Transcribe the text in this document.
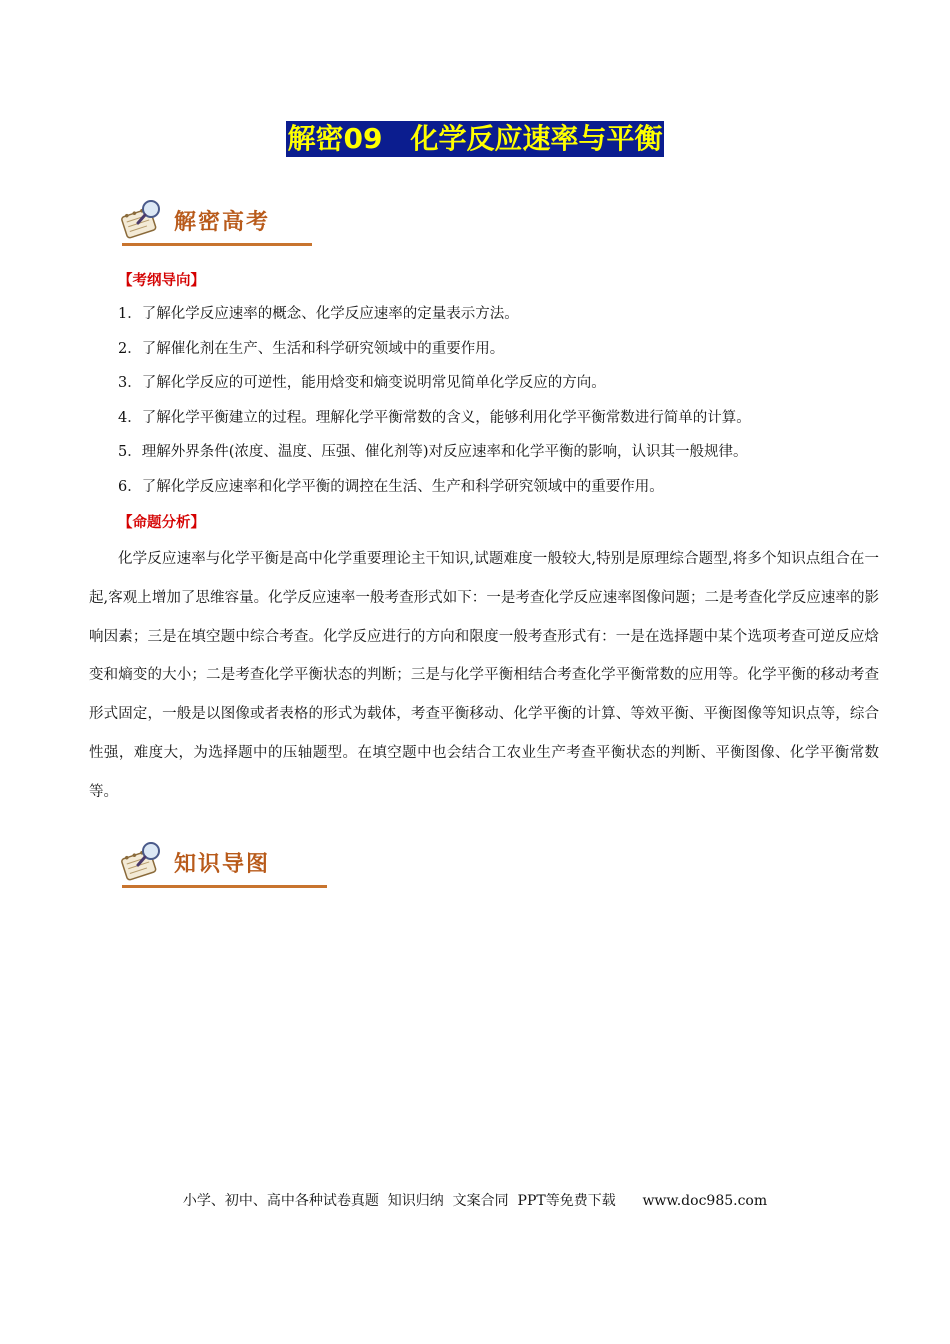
解密09　化学反应速率与平衡
解密高考
【考纲导向】
1．了解化学反应速率的概念、化学反应速率的定量表示方法。
2．了解催化剂在生产、生活和科学研究领域中的重要作用。
3．了解化学反应的可逆性，能用焓变和熵变说明常见简单化学反应的方向。
4．了解化学平衡建立的过程。理解化学平衡常数的含义，能够利用化学平衡常数进行简单的计算。
5．理解外界条件(浓度、温度、压强、催化剂等)对反应速率和化学平衡的影响，认识其一般规律。
6．了解化学反应速率和化学平衡的调控在生活、生产和科学研究领域中的重要作用。
【命题分析】

化学反应速率与化学平衡是高中化学重要理论主干知识,试题难度一般较大,特别是原理综合题型,将多个知识点组合在一起,客观上增加了思维容量。化学反应速率一般考查形式如下：一是考查化学反应速率图像问题；二是考查化学反应速率的影响因素；三是在填空题中综合考查。化学反应进行的方向和限度一般考查形式有：一是在选择题中某个选项考查可逆反应焓变和熵变的大小；二是考查化学平衡状态的判断；三是与化学平衡相结合考查化学平衡常数的应用等。化学平衡的移动考查形式固定，一般是以图像或者表格的形式为载体，考查平衡移动、化学平衡的计算、等效平衡、平衡图像等知识点等，综合性强，难度大，为选择题中的压轴题型。在填空题中也会结合工农业生产考查平衡状态的判断、平衡图像、化学平衡常数等。

知识导图
小学、初中、高中各种试卷真题  知识归纳  文案合同  PPT等免费下载      www.doc985.com
